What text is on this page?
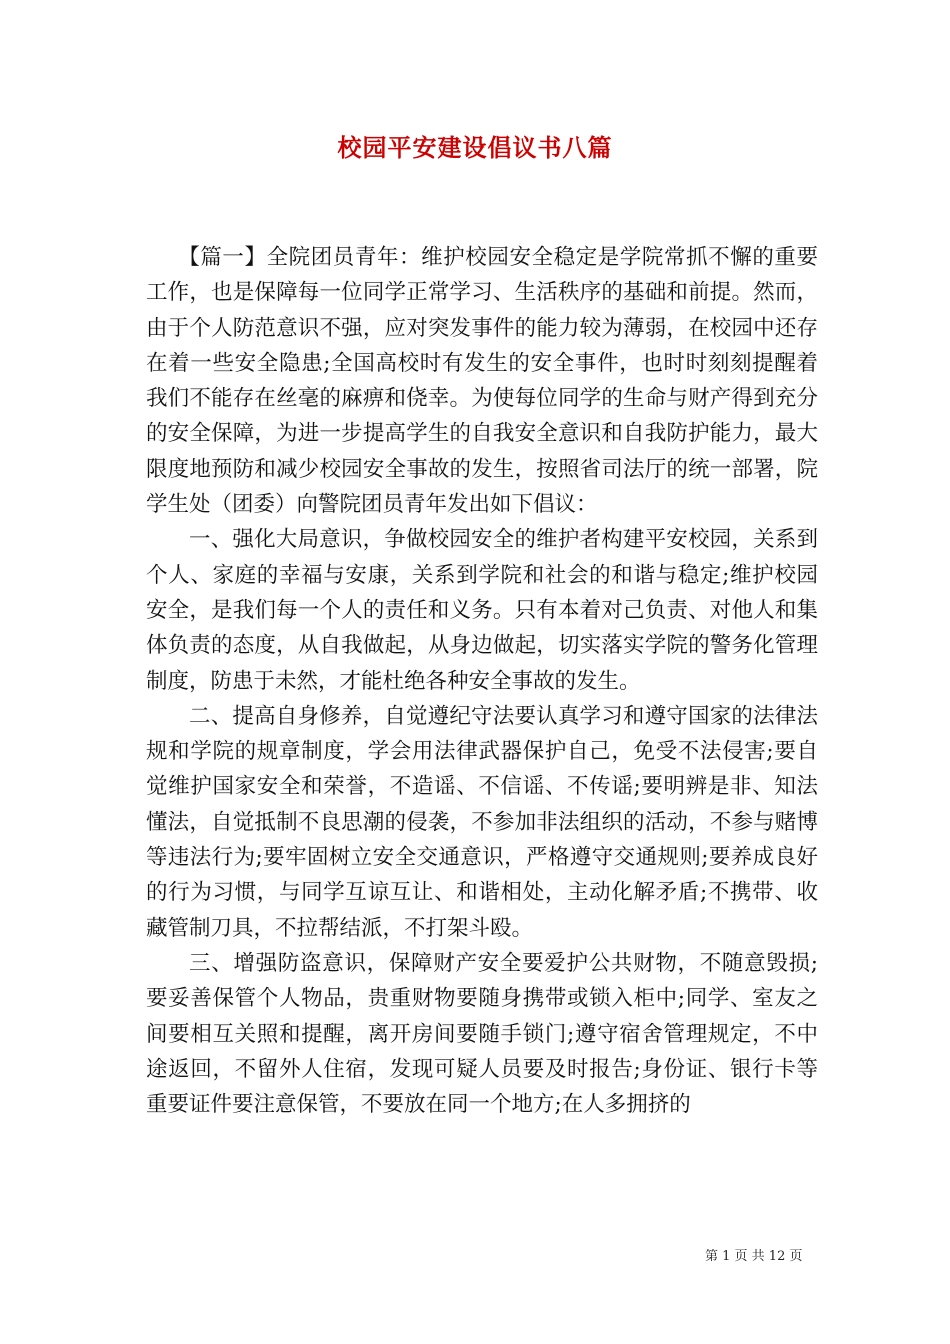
校园平安建设倡议书八篇

【篇一】全院团员青年：维护校园安全稳定是学院常抓不懈的重要工作，也是保障每一位同学正常学习、生活秩序的基础和前提。然而，由于个人防范意识不强，应对突发事件的能力较为薄弱，在校园中还存在着一些安全隐患;全国高校时有发生的安全事件，也时时刻刻提醒着我们不能存在丝毫的麻痹和侥幸。为使每位同学的生命与财产得到充分的安全保障，为进一步提高学生的自我安全意识和自我防护能力，最大限度地预防和减少校园安全事故的发生，按照省司法厅的统一部署，院学生处（团委）向警院团员青年发出如下倡议：

一、强化大局意识，争做校园安全的维护者构建平安校园，关系到个人、家庭的幸福与安康，关系到学院和社会的和谐与稳定;维护校园安全，是我们每一个人的责任和义务。只有本着对己负责、对他人和集体负责的态度，从自我做起，从身边做起，切实落实学院的警务化管理制度，防患于未然，才能杜绝各种安全事故的发生。

二、提高自身修养，自觉遵纪守法要认真学习和遵守国家的法律法规和学院的规章制度，学会用法律武器保护自己，免受不法侵害;要自觉维护国家安全和荣誉，不造谣、不信谣、不传谣;要明辨是非、知法懂法，自觉抵制不良思潮的侵袭，不参加非法组织的活动，不参与赌博等违法行为;要牢固树立安全交通意识，严格遵守交通规则;要养成良好的行为习惯，与同学互谅互让、和谐相处，主动化解矛盾;不携带、收藏管制刀具，不拉帮结派，不打架斗殴。

三、增强防盗意识，保障财产安全要爱护公共财物，不随意毁损;要妥善保管个人物品，贵重财物要随身携带或锁入柜中;同学、室友之间要相互关照和提醒，离开房间要随手锁门;遵守宿舍管理规定，不中途返回，不留外人住宿，发现可疑人员要及时报告;身份证、银行卡等重要证件要注意保管，不要放在同一个地方;在人多拥挤的

第 1 页 共 12 页
